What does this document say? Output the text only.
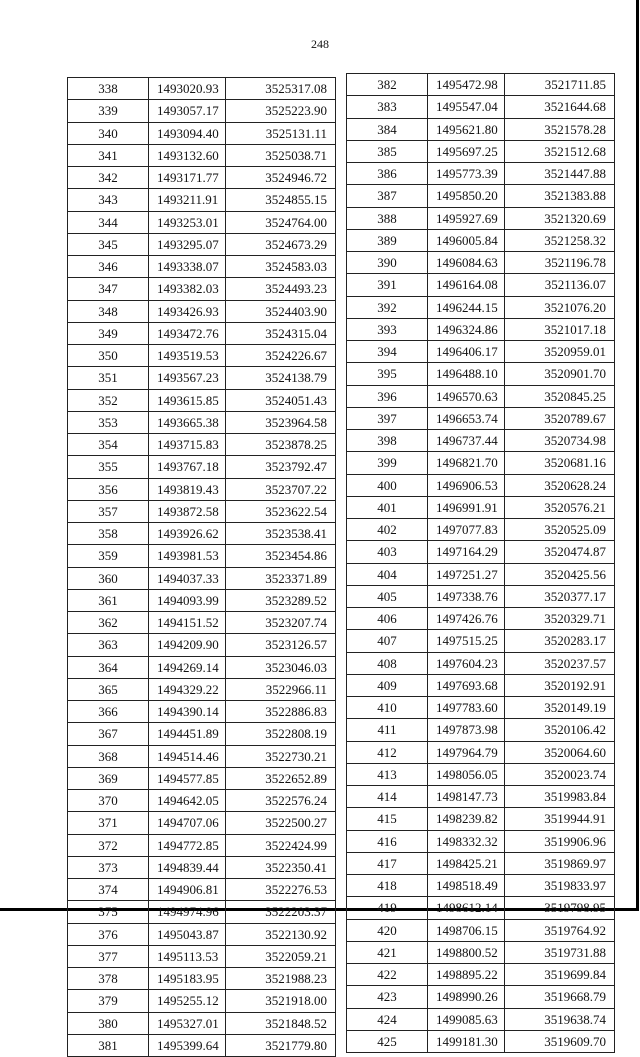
248
338	1493020.93	3525317.08
339	1493057.17	3525223.90
340	1493094.40	3525131.11
341	1493132.60	3525038.71
342	1493171.77	3524946.72
343	1493211.91	3524855.15
344	1493253.01	3524764.00
345	1493295.07	3524673.29
346	1493338.07	3524583.03
347	1493382.03	3524493.23
348	1493426.93	3524403.90
349	1493472.76	3524315.04
350	1493519.53	3524226.67
351	1493567.23	3524138.79
352	1493615.85	3524051.43
353	1493665.38	3523964.58
354	1493715.83	3523878.25
355	1493767.18	3523792.47
356	1493819.43	3523707.22
357	1493872.58	3523622.54
358	1493926.62	3523538.41
359	1493981.53	3523454.86
360	1494037.33	3523371.89
361	1494093.99	3523289.52
362	1494151.52	3523207.74
363	1494209.90	3523126.57
364	1494269.14	3523046.03
365	1494329.22	3522966.11
366	1494390.14	3522886.83
367	1494451.89	3522808.19
368	1494514.46	3522730.21
369	1494577.85	3522652.89
370	1494642.05	3522576.24
371	1494707.06	3522500.27
372	1494772.85	3522424.99
373	1494839.44	3522350.41
374	1494906.81	3522276.53
375	1494974.96	3522203.37
376	1495043.87	3522130.92
377	1495113.53	3522059.21
378	1495183.95	3521988.23
379	1495255.12	3521918.00
380	1495327.01	3521848.52
381	1495399.64	3521779.80
382	1495472.98	3521711.85
383	1495547.04	3521644.68
384	1495621.80	3521578.28
385	1495697.25	3521512.68
386	1495773.39	3521447.88
387	1495850.20	3521383.88
388	1495927.69	3521320.69
389	1496005.84	3521258.32
390	1496084.63	3521196.78
391	1496164.08	3521136.07
392	1496244.15	3521076.20
393	1496324.86	3521017.18
394	1496406.17	3520959.01
395	1496488.10	3520901.70
396	1496570.63	3520845.25
397	1496653.74	3520789.67
398	1496737.44	3520734.98
399	1496821.70	3520681.16
400	1496906.53	3520628.24
401	1496991.91	3520576.21
402	1497077.83	3520525.09
403	1497164.29	3520474.87
404	1497251.27	3520425.56
405	1497338.76	3520377.17
406	1497426.76	3520329.71
407	1497515.25	3520283.17
408	1497604.23	3520237.57
409	1497693.68	3520192.91
410	1497783.60	3520149.19
411	1497873.98	3520106.42
412	1497964.79	3520064.60
413	1498056.05	3520023.74
414	1498147.73	3519983.84
415	1498239.82	3519944.91
416	1498332.32	3519906.96
417	1498425.21	3519869.97
418	1498518.49	3519833.97
419	1498612.14	3519798.95
420	1498706.15	3519764.92
421	1498800.52	3519731.88
422	1498895.22	3519699.84
423	1498990.26	3519668.79
424	1499085.63	3519638.74
425	1499181.30	3519609.70
